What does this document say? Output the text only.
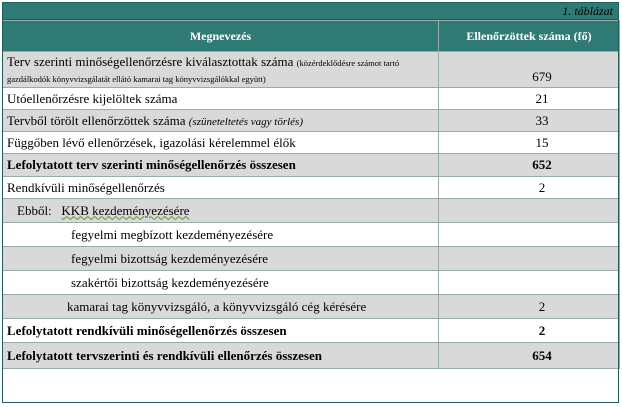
1. táblázat
Megnevezés	Ellenőrzöttek száma (fő)
Terv szerinti minőségellenőrzésre kiválasztottak száma (közérdeklődésre számot tartó gazdálkodók könyvvizsgálatát ellátó kamarai tag könyvvizsgálókkal együtt)	679
Utóellenőrzésre kijelöltek száma	21
Tervből törölt ellenőrzöttek száma (szüneteltetés vagy törlés)	33
Függőben lévő ellenőrzések, igazolási kérelemmel élők	15
Lefolytatott terv szerinti minőségellenőrzés összesen	652
Rendkívüli minőségellenőrzés	2
Ebből: KKB kezdeményezésére	
fegyelmi megbízott kezdeményezésére	
fegyelmi bizottság kezdeményezésére	
szakértői bizottság kezdeményezésére	
kamarai tag könyvvizsgáló, a könyvvizsgáló cég kérésére	2
Lefolytatott rendkívüli minőségellenőrzés összesen	2
Lefolytatott tervszerinti és rendkívüli ellenőrzés összesen	654
